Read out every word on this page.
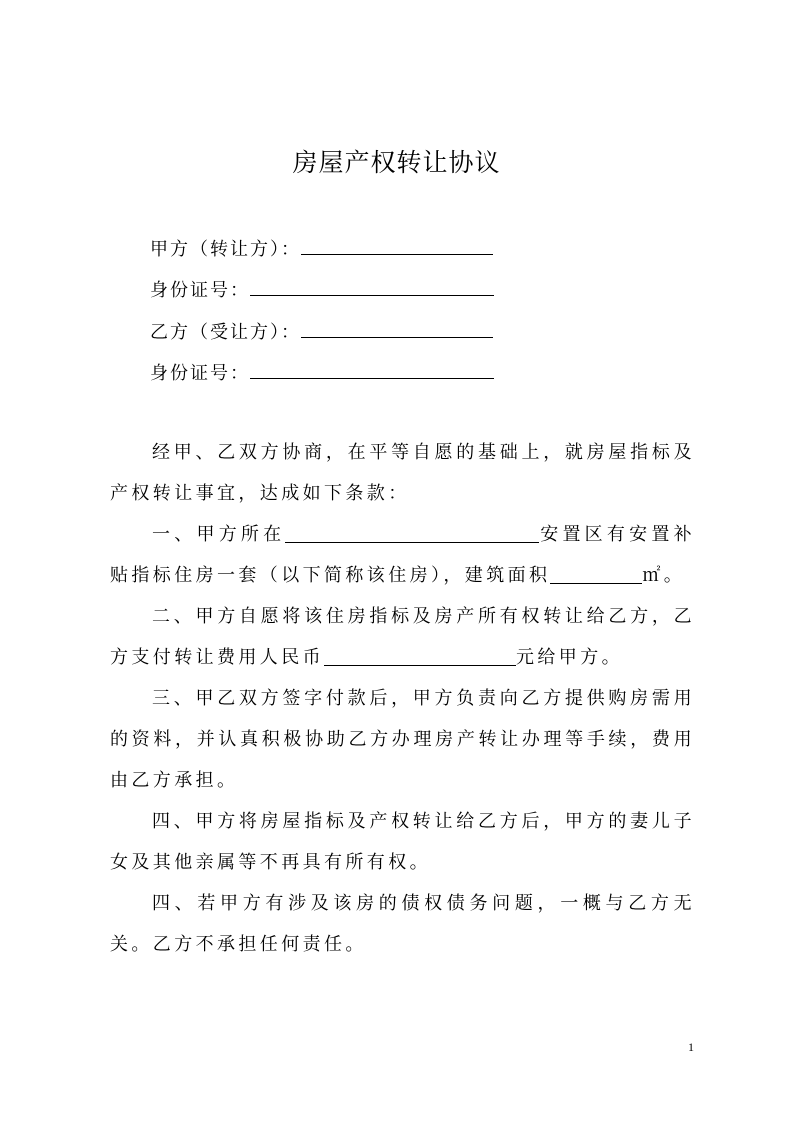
房屋产权转让协议
甲方（转让方）：
身份证号：
乙方（受让方）：
身份证号：

经甲、乙双方协商，在平等自愿的基础上，就房屋指标及产权转让事宜，达成如下条款：

一、甲方所在	安置区有安置补贴指标住房一套（以下简称该住房），建筑面积	㎡。

二、甲方自愿将该住房指标及房产所有权转让给乙方，乙方支付转让费用人民币	元给甲方。

三、甲乙双方签字付款后，甲方负责向乙方提供购房需用的资料，并认真积极协助乙方办理房产转让办理等手续，费用由乙方承担。

四、甲方将房屋指标及产权转让给乙方后，甲方的妻儿子女及其他亲属等不再具有所有权。

四、若甲方有涉及该房的债权债务问题，一概与乙方无关。乙方不承担任何责任。

1
